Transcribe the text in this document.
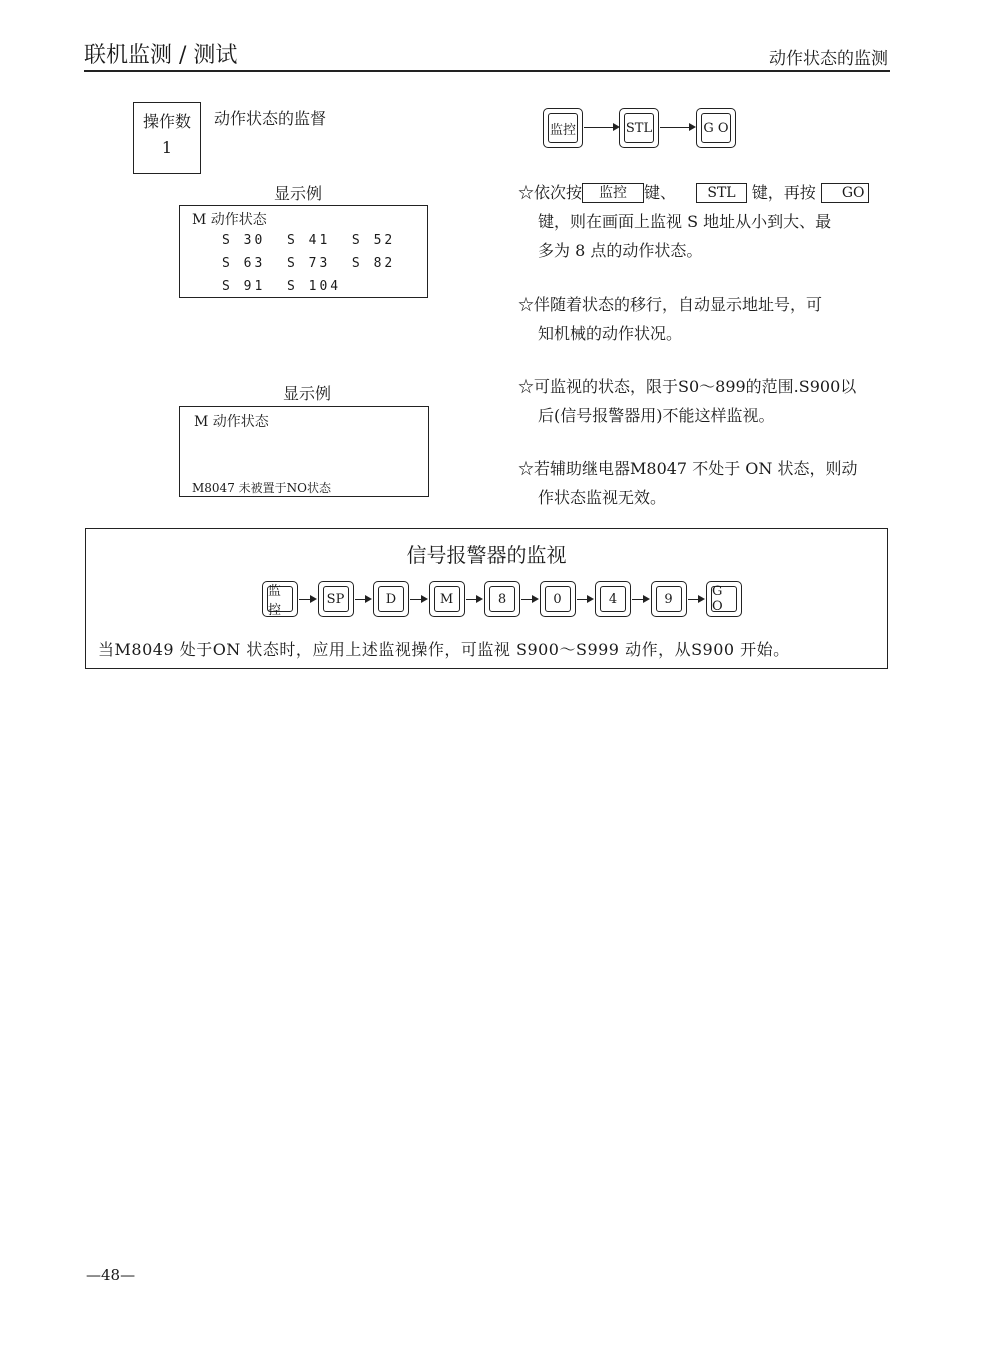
联机监测 / 测试	动作状态的监测
操作数
1
动作状态的监督
显示例
M 动作状态
S 30  S 41  S 52
S 63  S 73  S 82
S 91  S 104
显示例
M 动作状态
M8047 未被置于NO状态
监控	STL	G O
☆依次按 监控 键、 STL 键，再按 GO
键，则在画面上监视 S 地址从小到大、最
多为 8 点的动作状态。
☆伴随着状态的移行，自动显示地址号，可
知机械的动作状况。
☆可监视的状态，限于S0～899的范围.S900以
后(信号报警器用)不能这样监视。
☆若辅助继电器M8047 不处于 ON 状态，则动
作状态监视无效。
信号报警器的监视
监控
SP	D	M	8	0	4	9	G O
当M8049 处于ON 状态时，应用上述监视操作，可监视 S900～S999 动作，从S900 开始。
—48—
